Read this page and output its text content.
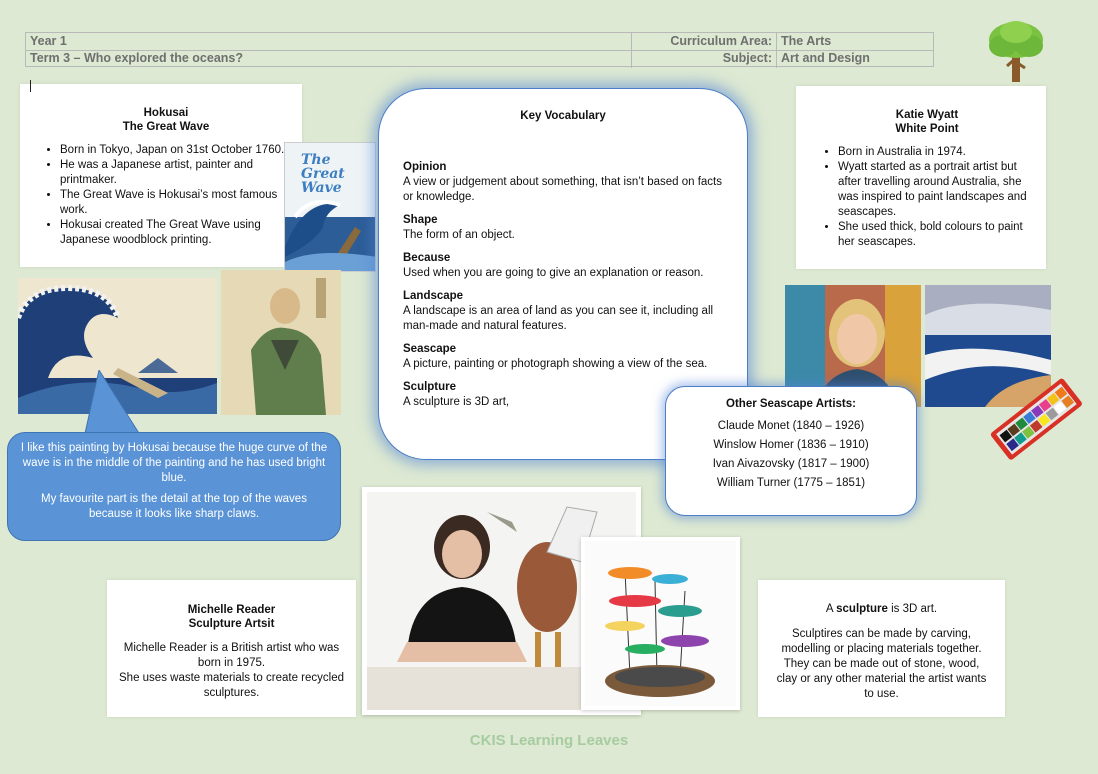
Year 1	Curriculum Area: The Arts
Term 3 – Who explored the oceans?	Subject: Art and Design
Hokusai
The Great Wave
• Born in Tokyo, Japan on 31st October 1760.
• He was a Japanese artist, painter and printmaker.
• The Great Wave is Hokusai’s most famous work.
• Hokusai created The Great Wave using Japanese woodblock printing.
The Great Wave

I like this painting by Hokusai because the huge curve of the wave is in the middle of the painting and he has used bright blue.

My favourite part is the detail at the top of the waves because it looks like sharp claws.

Key Vocabulary
Opinion
A view or judgement about something, that isn’t based on facts or knowledge.
Shape
The form of an object.
Because
Used when you are going to give an explanation or reason.
Landscape
A landscape is an area of land as you can see it, including all man-made and natural features.
Seascape
A picture, painting or photograph showing a view of the sea.
Sculpture
A sculpture is 3D art,
Katie Wyatt
White Point
• Born in Australia in 1974.
• Wyatt started as a portrait artist but after travelling around Australia, she was inspired to paint landscapes and seascapes.
• She used thick, bold colours to paint her seascapes.
Other Seascape Artists:
Claude Monet (1840 – 1926)
Winslow Homer (1836 – 1910)
Ivan Aivazovsky (1817 – 1900)
William Turner (1775 – 1851)
Michelle Reader
Sculpture Artsit
Michelle Reader is a British artist who was born in 1975.
She uses waste materials to create recycled sculptures.
A sculpture is 3D art.
Sculptires can be made by carving, modelling or placing materials together. They can be made out of stone, wood, clay or any other material the artist wants to use.
CKIS Learning Leaves
